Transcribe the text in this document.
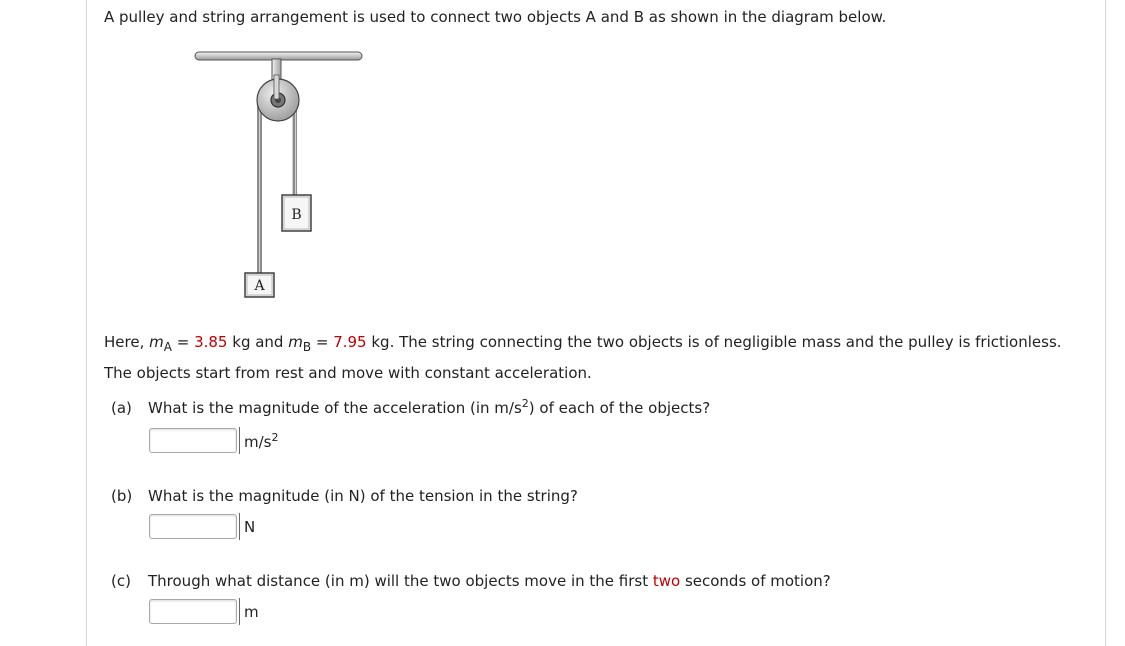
A pulley and string arrangement is used to connect two objects A and B as shown in the diagram below.
B
A
Here, $m_A = 3.85$ kg and $m_B = 7.95$ kg. The string connecting the two objects is of negligible mass and the pulley is frictionless.
The objects start from rest and move with constant acceleration.
(a) What is the magnitude of the acceleration (in $m/s^2$) of each of the objects?
$m/s^2$
(b) What is the magnitude (in N) of the tension in the string?
N
(c) Through what distance (in m) will the two objects move in the first two seconds of motion?
m
